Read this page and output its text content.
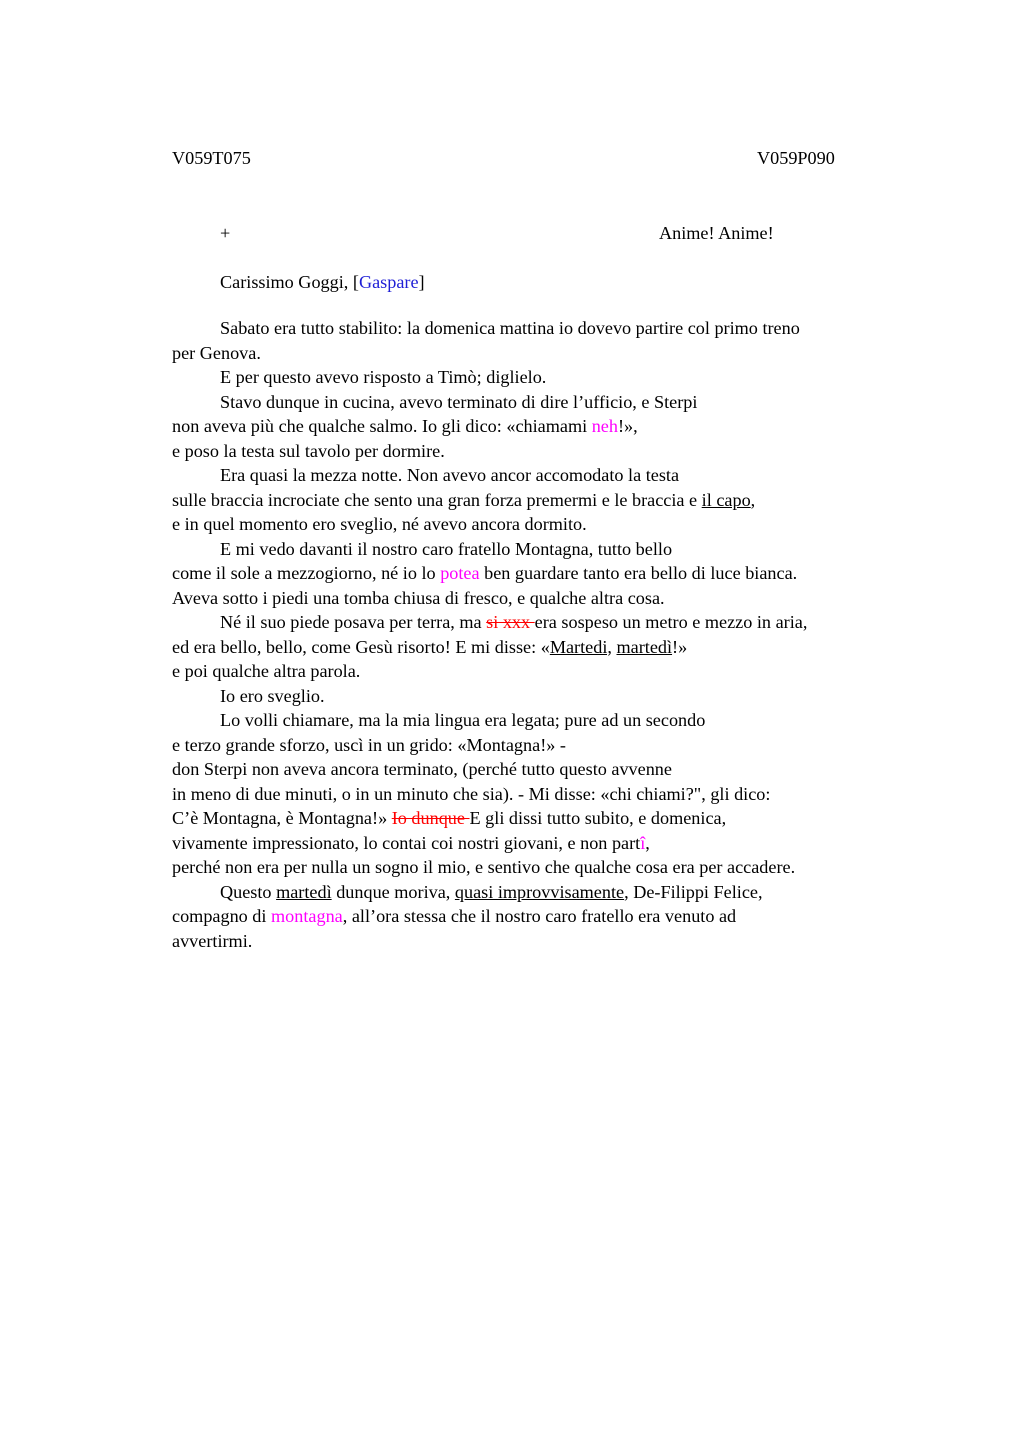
V059T075	V059P090
+	Anime! Anime!
Carissimo Goggi, [Gaspare]
Sabato era tutto stabilito: la domenica mattina io dovevo partire col primo treno
per Genova.
E per questo avevo risposto a Timò; diglielo.
Stavo dunque in cucina, avevo terminato di dire l’ufficio, e Sterpi
non aveva più che qualche salmo. Io gli dico: «chiamami neh!»,
e poso la testa sul tavolo per dormire.
Era quasi la mezza notte. Non avevo ancor accomodato la testa
sulle braccia incrociate che sento una gran forza premermi e le braccia e il capo,
e in quel momento ero sveglio, né avevo ancora dormito.
E mi vedo davanti il nostro caro fratello Montagna, tutto bello
come il sole a mezzogiorno, né io lo potea ben guardare tanto era bello di luce bianca.
Aveva sotto i piedi una tomba chiusa di fresco, e qualche altra cosa.
Né il suo piede posava per terra, ma si xxx era sospeso un metro e mezzo in aria,
ed era bello, bello, come Gesù risorto! E mi disse: «Martedi, martedì!»
e poi qualche altra parola.
Io ero sveglio.
Lo volli chiamare, ma la mia lingua era legata; pure ad un secondo
e terzo grande sforzo, uscì in un grido: «Montagna!» -
don Sterpi non aveva ancora terminato, (perché tutto questo avvenne
in meno di due minuti, o in un minuto che sia). - Mi disse: «chi chiami?", gli dico:
C’è Montagna, è Montagna!» Io dunque E gli dissi tutto subito, e domenica,
vivamente impressionato, lo contai coi nostri giovani, e non partî,
perché non era per nulla un sogno il mio, e sentivo che qualche cosa era per accadere.
Questo martedì dunque moriva, quasi improvvisamente, De-Filippi Felice,
compagno di montagna, all’ora stessa che il nostro caro fratello era venuto ad
avvertirmi.
